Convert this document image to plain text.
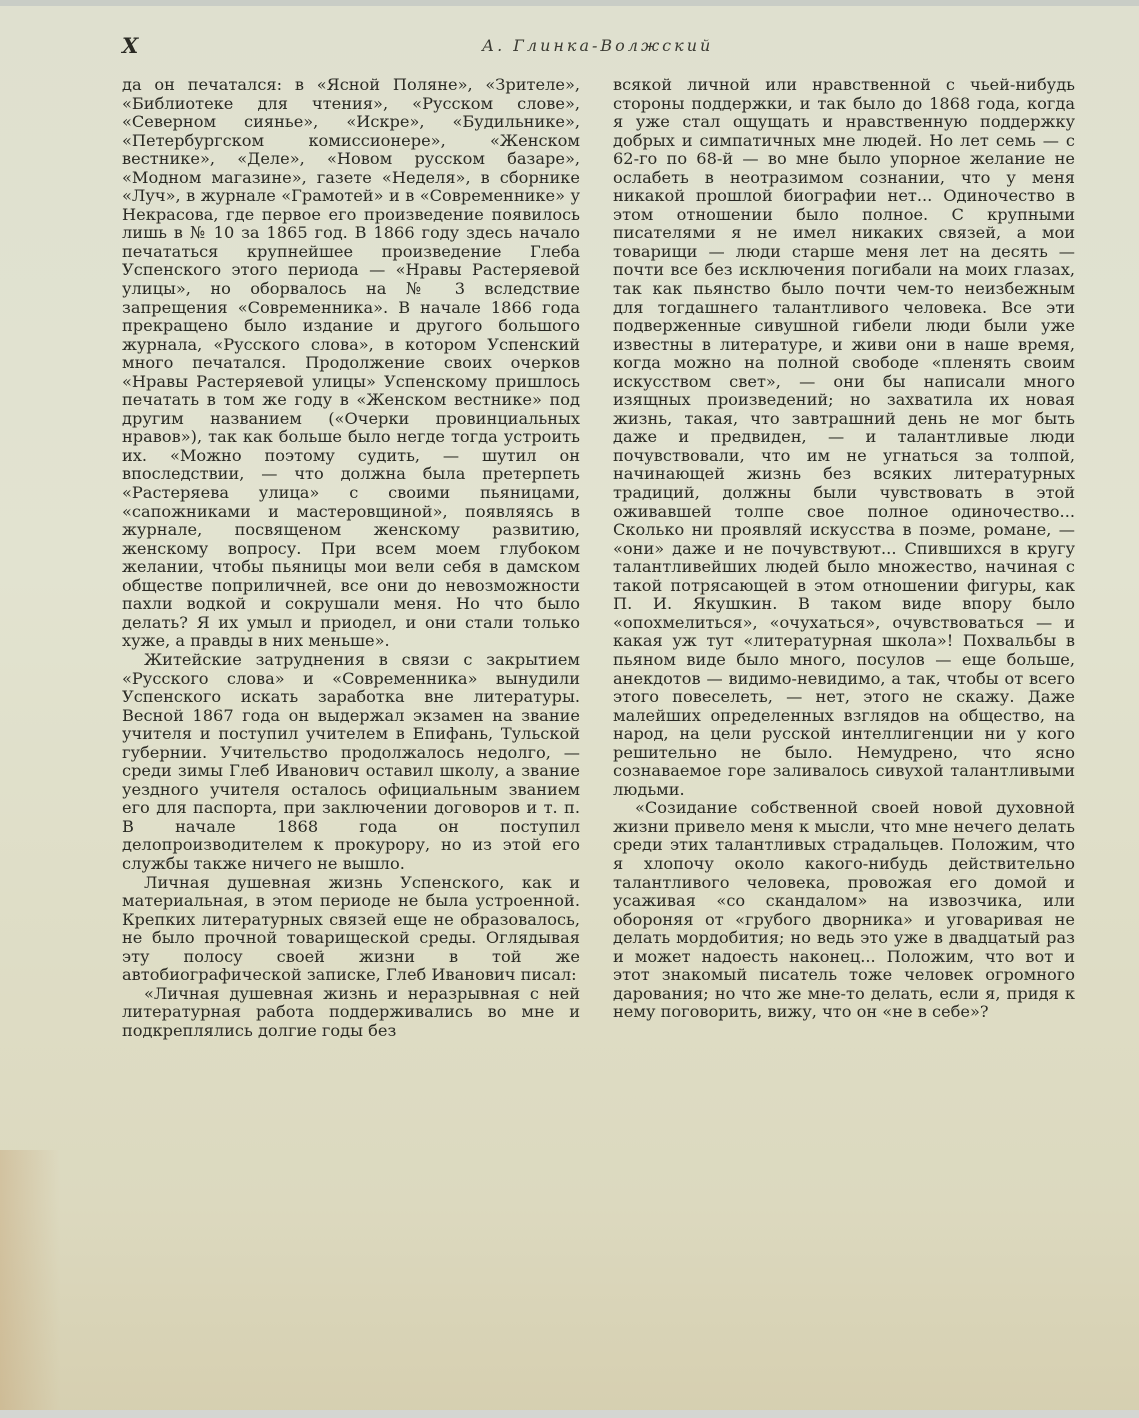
X	А. Глинка-Волжский

да он печатался: в «Ясной Поляне», «Зрителе», «Библиотеке для чтения», «Русском слове», «Северном сиянье», «Искре», «Будильнике», «Петербургском комиссионере», «Женском вестнике», «Деле», «Новом русском базаре», «Модном магазине», газете «Неделя», в сборнике «Луч», в журнале «Грамотей» и в «Современнике» у Некрасова, где первое его произведение появилось лишь в № 10 за 1865 год. В 1866 году здесь начало печататься крупнейшее произведение Глеба Успенского этого периода — «Нравы Растеряевой улицы», но оборвалось на № 3 вследствие запрещения «Современника». В начале 1866 года прекращено было издание и другого большого журнала, «Русского слова», в котором Успенский много печатался. Продолжение своих очерков «Нравы Растеряевой улицы» Успенскому пришлось печатать в том же году в «Женском вестнике» под другим названием («Очерки провинциальных нравов»), так как больше было негде тогда устроить их. «Можно поэтому судить, — шутил он впоследствии, — что должна была претерпеть «Растеряева улица» с своими пьяницами, «сапожниками и мастеровщиной», появляясь в журнале, посвященом женскому развитию, женскому вопросу. При всем моем глубоком желании, чтобы пьяницы мои вели себя в дамском обществе поприличней, все они до невозможности пахли водкой и сокрушали меня. Но что было делать? Я их умыл и приодел, и они стали только хуже, а правды в них меньше».

Житейские затруднения в связи с закрытием «Русского слова» и «Современника» вынудили Успенского искать заработка вне литературы. Весной 1867 года он выдержал экзамен на звание учителя и поступил учителем в Епифань, Тульской губернии. Учительство продолжалось недолго, — среди зимы Глеб Иванович оставил школу, а звание уездного учителя осталось официальным званием его для паспорта, при заключении договоров и т. п. В начале 1868 года он поступил делопроизводителем к прокурору, но из этой его службы также ничего не вышло.

Личная душевная жизнь Успенского, как и материальная, в этом периоде не была устроенной. Крепких литературных связей еще не образовалось, не было прочной товарищеской среды. Оглядывая эту полосу своей жизни в той же автобиографической записке, Глеб Иванович писал:

«Личная душевная жизнь и неразрывная с ней литературная работа поддерживались во мне и подкреплялись долгие годы без

всякой личной или нравственной с чьей-нибудь стороны поддержки, и так было до 1868 года, когда я уже стал ощущать и нравственную поддержку добрых и симпатичных мне людей. Но лет семь — с 62-го по 68-й — во мне было упорное желание не ослабеть в неотразимом сознании, что у меня никакой прошлой биографии нет... Одиночество в этом отношении было полное. С крупными писателями я не имел никаких связей, а мои товарищи — люди старше меня лет на десять — почти все без исключения погибали на моих глазах, так как пьянство было почти чем-то неизбежным для тогдашнего талантливого человека. Все эти подверженные сивушной гибели люди были уже известны в литературе, и живи они в наше время, когда можно на полной свободе «пленять своим искусством свет», — они бы написали много изящных произведений; но захватила их новая жизнь, такая, что завтрашний день не мог быть даже и предвиден, — и талантливые люди почувствовали, что им не угнаться за толпой, начинающей жизнь без всяких литературных традиций, должны были чувствовать в этой оживавшей толпе свое полное одиночество... Сколько ни проявляй искусства в поэме, романе, — «они» даже и не почувствуют... Спившихся в кругу талантливейших людей было множество, начиная с такой потрясающей в этом отношении фигуры, как П. И. Якушкин. В таком виде впору было «опохмелиться», «очухаться», очувствоваться — и какая уж тут «литературная школа»! Похвальбы в пьяном виде было много, посулов — еще больше, анекдотов — видимо-невидимо, а так, чтобы от всего этого повеселеть, — нет, этого не скажу. Даже малейших определенных взглядов на общество, на народ, на цели русской интеллигенции ни у кого решительно не было. Немудрено, что ясно сознаваемое горе заливалось сивухой талантливыми людьми.

«Созидание собственной своей новой духовной жизни привело меня к мысли, что мне нечего делать среди этих талантливых страдальцев. Положим, что я хлопочу около какого-нибудь действительно талантливого человека, провожая его домой и усаживая «со скандалом» на извозчика, или обороняя от «грубого дворника» и уговаривая не делать мордобития; но ведь это уже в двадцатый раз и может надоесть наконец... Положим, что вот и этот знакомый писатель тоже человек огромного дарования; но что же мне-то делать, если я, придя к нему поговорить, вижу, что он «не в себе»?
